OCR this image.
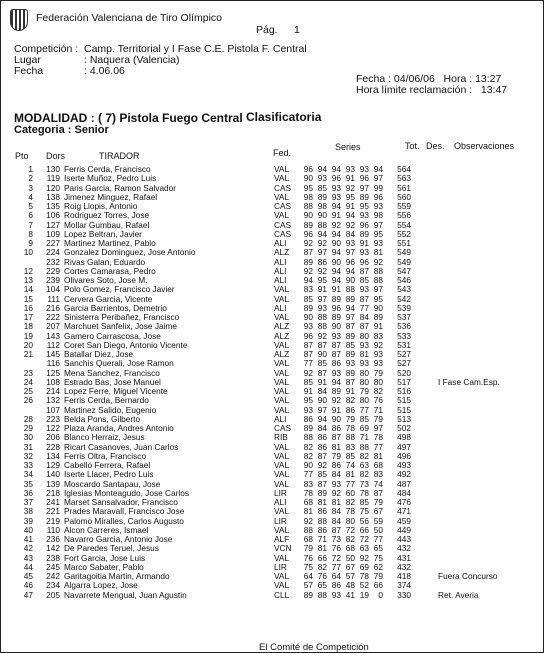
Federación Valenciana de Tiro Olímpico
Pág. 1
Competición : Camp. Territorial y I Fase C.E. Pistola F. Central
Lugar	: Naquera (Valencia)
Fecha	: 4.06.06
Fecha : 04/06/06   Hora : 13:27
Hora límite reclamación :   13:47
MODALIDAD : ( 7) Pistola Fuego Central Clasificatoria
Categoria : Senior
Pto Dors	TIRADOR	Fed.
Series	Tot. Des. Observaciones
1	130	Ferris Cerda, Francisco	VAL	96	94	94	93	93	94	564	
2	119	Iserte Muñoz, Pedro Luis	VAL	90	93	96	91	96	97	563	
3	120	Paris Garcia, Ramon Salvador	CAS	95	85	93	92	97	99	561	
4	138	Jimenez Minguez, Rafael	VAL	98	89	93	95	89	96	560	
5	135	Roig Llopis, Antonio	CAS	88	98	94	91	95	93	559	
6	106	Rodriguez Torres, Jose	VAL	90	90	91	94	93	98	556	
7	127	Mollar Gumbau, Rafael	CAS	89	88	92	92	96	97	554	
8	109	Lopez Beltran, Javier	CAS	96	94	94	84	89	95	552	
9	227	Martinez Martinez, Pablo	ALI	92	92	90	93	91	93	551	
10	224	Gonzalez Dominguez, Jose Antonio	ALZ	87	97	94	97	93	81	549	
	232	Rivas Galan, Eduardo	ALI	89	86	90	96	96	92	549	
12	229	Cortes Camarasa, Pedro	ALI	92	92	94	94	87	88	547	
13	239	Olivares Soto, Jose M.	ALI	94	95	94	90	85	88	546	
14	104	Polo Gomez, Francisco Javier	VAL	83	91	91	88	93	97	543	
15	111	Cervera Garcia, Vicente	VAL	85	97	89	89	87	95	542	
16	216	Garcia Barrientos, Demetrio	ALI	89	93	96	94	77	90	539	
17	222	Sinisterra Peribañez, Francisco	VAL	90	88	89	97	84	89	537	
18	207	Marchuet Sanfelix, Jose Jaime	ALZ	93	88	90	87	87	91	536	
19	143	Gamero Carrascosa, Jose	ALZ	96	92	93	89	80	83	533	
20	112	Coret San Diego, Antonio Vicente	VAL	87	87	87	85	93	92	531	
21	145	Batallar Diez, Jose	ALZ	87	90	87	89	81	93	527	
	116	Sanchis Querali, Jose Ramon	VAL	77	85	86	93	93	93	527	
23	125	Mena Sanchez, Francisco	VAL	92	87	93	89	80	79	520	
24	108	Estrado Bas, Jose Manuel	VAL	85	91	94	87	80	80	517	I Fase Cam.Esp.
25	214	Lopez Ferre, Miguel Vicente	VAL	91	84	89	91	79	82	516	
26	132	Ferris Cerda, Bernardo	VAL	95	90	92	82	80	76	515	
	107	Martinez Salido, Eugenio	VAL	93	97	91	86	77	71	515	
28	223	Belda Pons, Gilberto	ALI	86	94	90	79	85	79	513	
29	122	Plaza Aranda, Andres Antonio	CAS	89	84	86	78	69	97	502	
30	206	Blanco Herraiz, Jesus	RIB	88	86	87	88	71	78	498	
31	228	Ricart Casanoves, Juan Carlos	VAL	82	86	81	83	88	77	497	
32	134	Ferris Oltra, Francisco	VAL	82	87	79	85	82	81	496	
33	129	Cabello Ferrera, Rafael	VAL	90	92	86	74	63	68	493	
34	140	Iserte Llacer, Pedro Luis	VAL	77	85	84	81	82	83	492	
35	139	Moscardo Santapau, Jose	VAL	83	87	93	77	73	74	487	
36	218	Iglesias Monteagudo, Jose Carlos	LIR	78	89	92	60	78	87	484	
37	241	Marset Sansalvador, Francisco	ALI	68	81	81	82	85	79	476	
38	221	Prades Maravall, Francisco Jose	VAL	81	86	84	78	75	67	471	
39	219	Palomo Miralles, Carlos Augusto	LIR	92	88	84	80	56	59	459	
40	110	Alcon Carreres, Ismael	VAL	88	86	87	72	66	50	449	
41	236	Navarro Garcia, Antonio Jose	ALF	68	71	73	82	72	77	443	
42	142	De Paredes Teruel, Jesus	VCN	79	81	76	68	63	65	432	
43	238	Fort Garcia, Jose Luis	VAL	76	66	72	50	92	75	431	
44	245	Marco Sabater, Pablo	LIR	75	82	77	67	69	62	432	
45	242	Garitagoitia Martin, Armando	VAL	64	76	64	57	78	79	418	Fuera Concurso
46	234	Algarra Lopez, Jose	VAL	57	65	86	48	52	66	374	
47	205	Navarrete Mengual, Juan Agustin	CLL	89	88	93	41	19	0	330	Ret. Averia
El Comité de Competición
